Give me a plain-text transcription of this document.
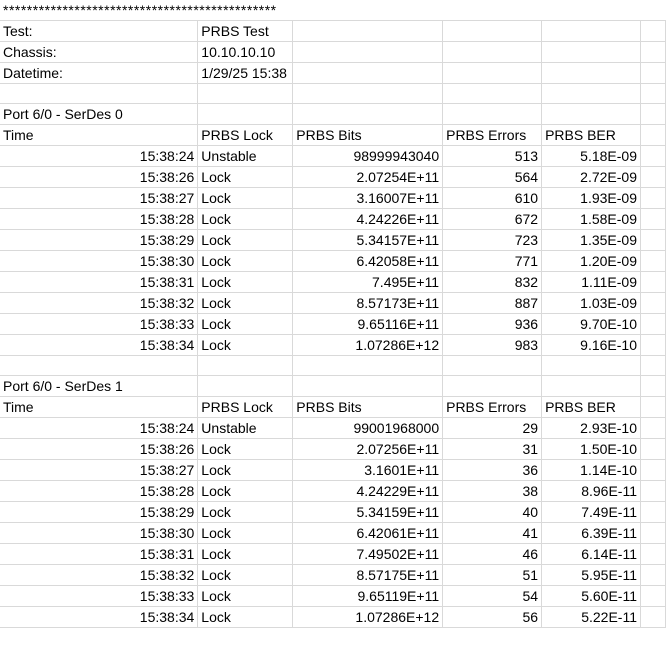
**********************************************					
Test:	PRBS Test				
Chassis:	10.10.10.10				
Datetime:	1/29/25 15:38				

Port 6/0 - SerDes 0					
Time	PRBS Lock	PRBS Bits	PRBS Errors	PRBS BER	
15:38:24	Unstable	98999943040	513	5.18E-09	
15:38:26	Lock	2.07254E+11	564	2.72E-09	
15:38:27	Lock	3.16007E+11	610	1.93E-09	
15:38:28	Lock	4.24226E+11	672	1.58E-09	
15:38:29	Lock	5.34157E+11	723	1.35E-09	
15:38:30	Lock	6.42058E+11	771	1.20E-09	
15:38:31	Lock	7.495E+11	832	1.11E-09	
15:38:32	Lock	8.57173E+11	887	1.03E-09	
15:38:33	Lock	9.65116E+11	936	9.70E-10	
15:38:34	Lock	1.07286E+12	983	9.16E-10	

Port 6/0 - SerDes 1					
Time	PRBS Lock	PRBS Bits	PRBS Errors	PRBS BER	
15:38:24	Unstable	99001968000	29	2.93E-10	
15:38:26	Lock	2.07256E+11	31	1.50E-10	
15:38:27	Lock	3.1601E+11	36	1.14E-10	
15:38:28	Lock	4.24229E+11	38	8.96E-11	
15:38:29	Lock	5.34159E+11	40	7.49E-11	
15:38:30	Lock	6.42061E+11	41	6.39E-11	
15:38:31	Lock	7.49502E+11	46	6.14E-11	
15:38:32	Lock	8.57175E+11	51	5.95E-11	
15:38:33	Lock	9.65119E+11	54	5.60E-11	
15:38:34	Lock	1.07286E+12	56	5.22E-11	
